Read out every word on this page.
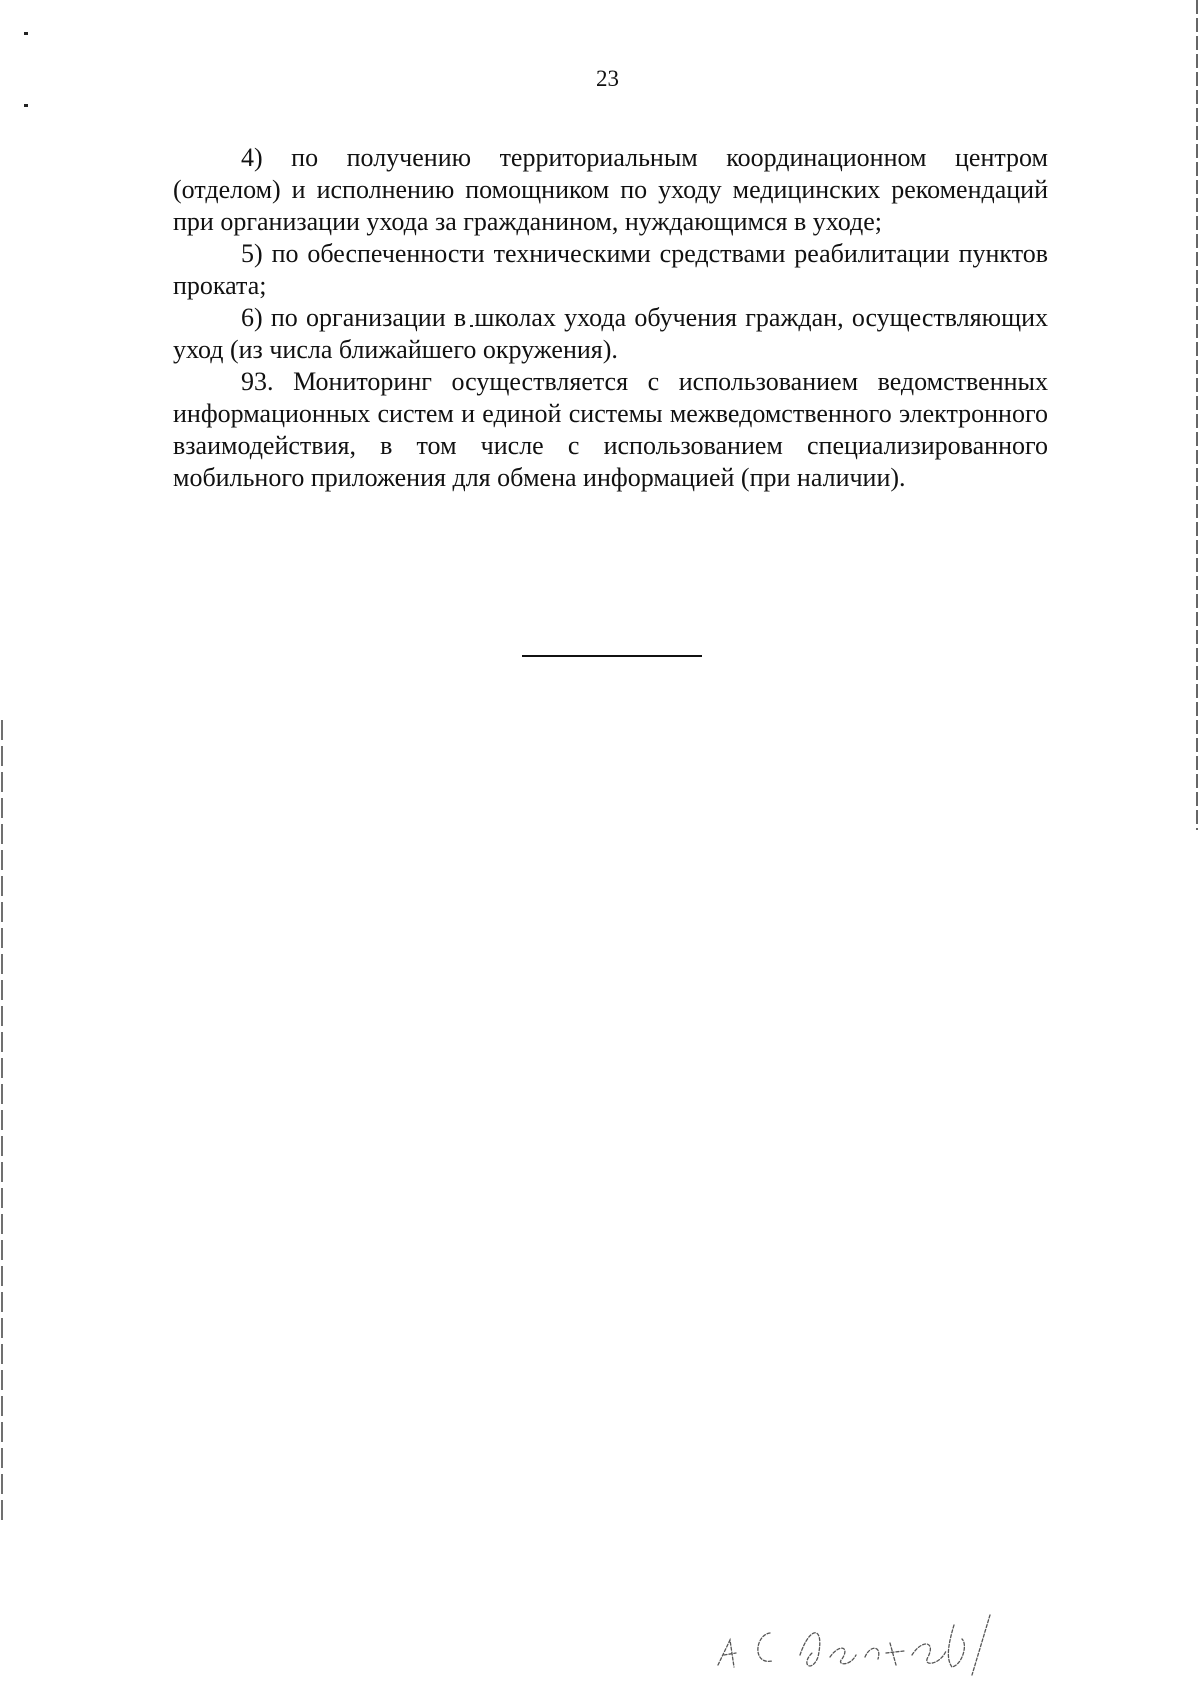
23

4) по получению территориальным координационном центром (отделом) и исполнению помощником по уходу медицинских рекомендаций при организации ухода за гражданином, нуждающимся в уходе;

5) по обеспеченности техническими средствами реабилитации пунктов проката;

6) по организации в школах ухода обучения граждан, осуществляющих уход (из числа ближайшего окружения).

93. Мониторинг осуществляется с использованием ведомственных информационных систем и единой системы межведомственного электронного взаимодействия, в том числе с использованием специализированного мобильного приложения для обмена информацией (при наличии).
